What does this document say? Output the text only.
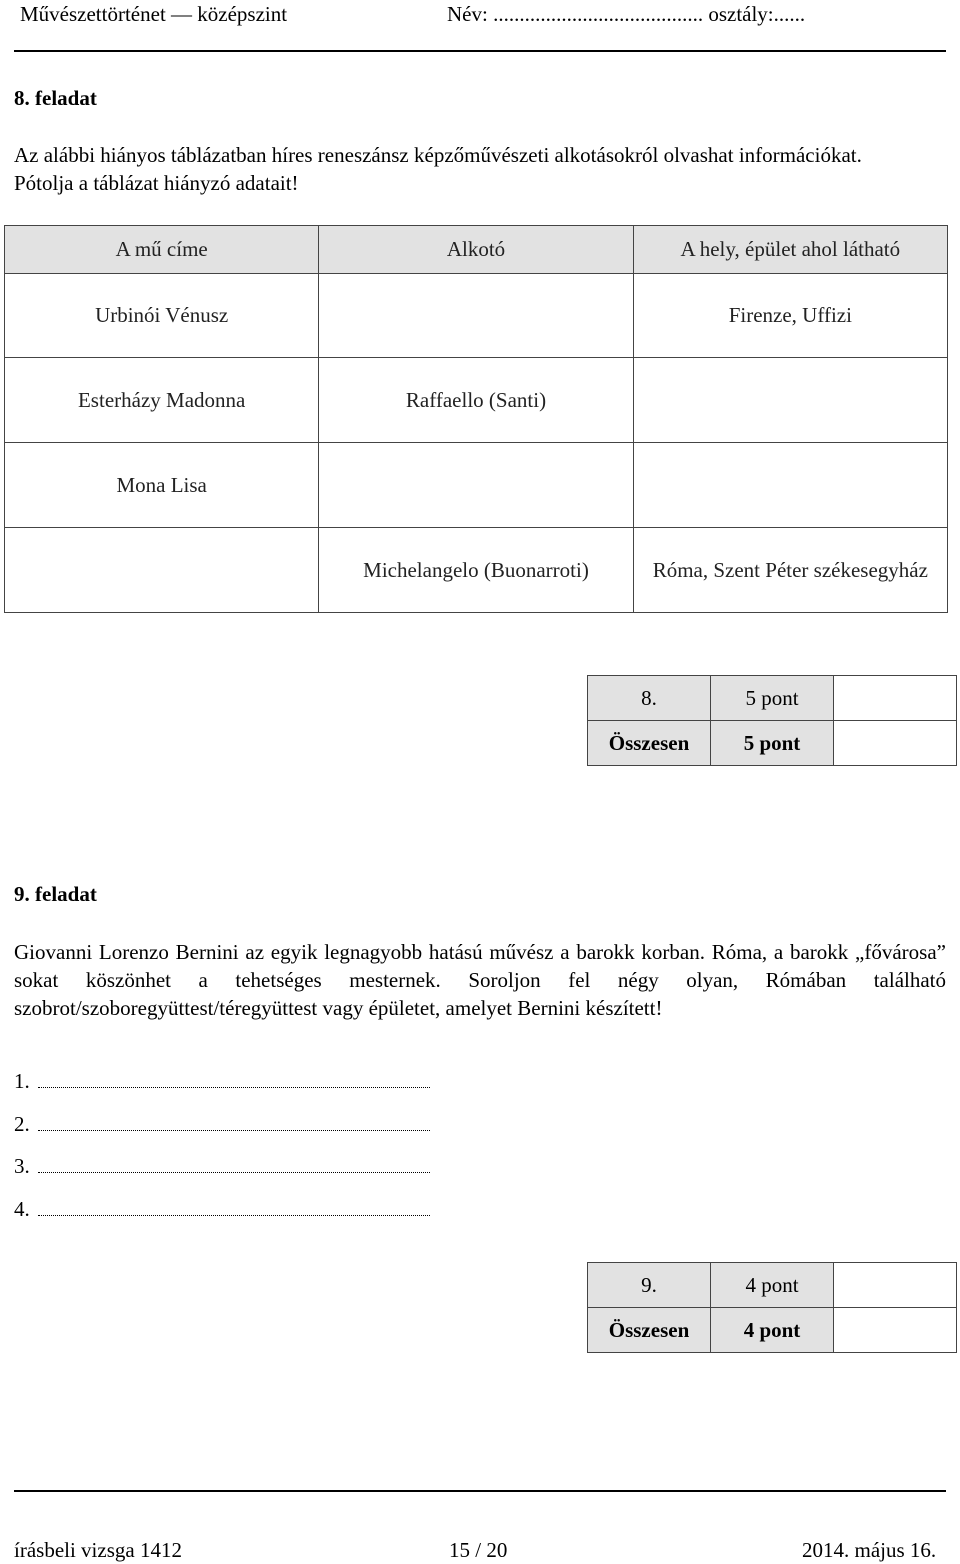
Művészettörténet — középszint	Név: ........................................ osztály:......
8. feladat

Az alábbi hiányos táblázatban híres reneszánsz képzőművészeti alkotásokról olvashat információkat. Pótolja a táblázat hiányzó adatait!

A mű címe	Alkotó	A hely, épület ahol látható
Urbinói Vénusz		Firenze, Uffizi
Esterházy Madonna	Raffaello (Santi)	
Mona Lisa		
	Michelangelo (Buonarroti)	Róma, Szent Péter székesegyház
8.	5 pont	
Összesen	5 pont	
9. feladat

Giovanni Lorenzo Bernini az egyik legnagyobb hatású művész a barokk korban. Róma, a barokk „fővárosa” sokat köszönhet a tehetséges mesternek. Soroljon fel négy olyan, Rómában található szobrot/szoboregyüttest/téregyüttest vagy épületet, amelyet Bernini készített!

1.
2.
3.
4.
9.	4 pont	
Összesen	4 pont	
írásbeli vizsga 1412	15 / 20	2014. május 16.
